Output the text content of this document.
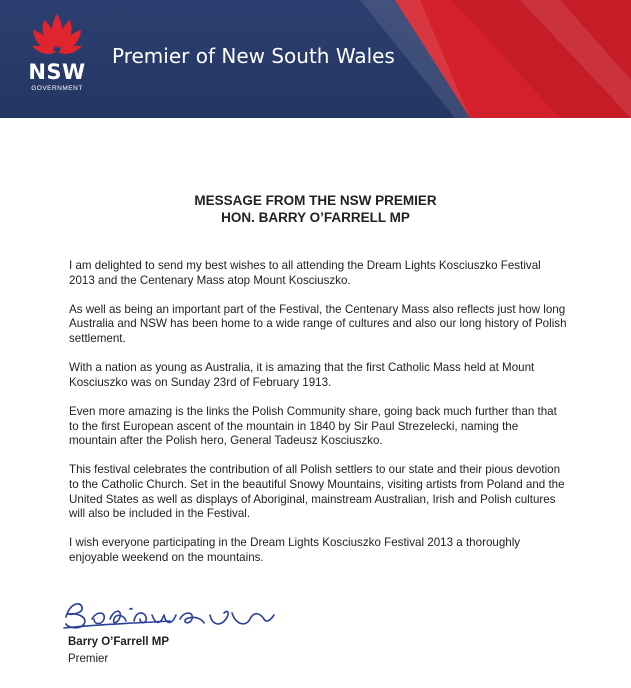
NSW
GOVERNMENT
Premier of New South Wales
MESSAGE FROM THE NSW PREMIER
HON. BARRY O’FARRELL MP

I am delighted to send my best wishes to all attending the Dream Lights Kosciuszko Festival 2013 and the Centenary Mass atop Mount Kosciuszko.

As well as being an important part of the Festival, the Centenary Mass also reflects just how long Australia and NSW has been home to a wide range of cultures and also our long history of Polish settlement.

With a nation as young as Australia, it is amazing that the first Catholic Mass held at Mount Kosciuszko was on Sunday 23rd of February 1913.

Even more amazing is the links the Polish Community share, going back much further than that to the first European ascent of the mountain in 1840 by Sir Paul Strezelecki, naming the mountain after the Polish hero, General Tadeusz Kosciuszko.

This festival celebrates the contribution of all Polish settlers to our state and their pious devotion to the Catholic Church. Set in the beautiful Snowy Mountains, visiting artists from Poland and the United States as well as displays of Aboriginal, mainstream Australian, Irish and Polish cultures will also be included in the Festival.

I wish everyone participating in the Dream Lights Kosciuszko Festival 2013 a thoroughly enjoyable weekend on the mountains.

Barry O’Farrell MP
Premier
